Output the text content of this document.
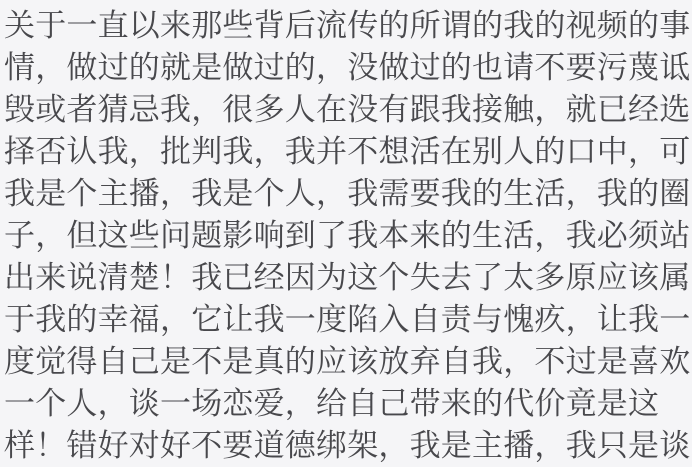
关于一直以来那些背后流传的所谓的我的视频的事

情，做过的就是做过的，没做过的也请不要污蔑诋

毁或者猜忌我，很多人在没有跟我接触，就已经选

择否认我，批判我，我并不想活在别人的口中，可

我是个主播，我是个人，我需要我的生活，我的圈

子，但这些问题影响到了我本来的生活，我必须站

出来说清楚！我已经因为这个失去了太多原应该属

于我的幸福，它让我一度陷入自责与愧疚，让我一

度觉得自己是不是真的应该放弃自我，不过是喜欢

一个人，谈一场恋爱，给自己带来的代价竟是这

样！错好对好不要道德绑架，我是主播，我只是谈
